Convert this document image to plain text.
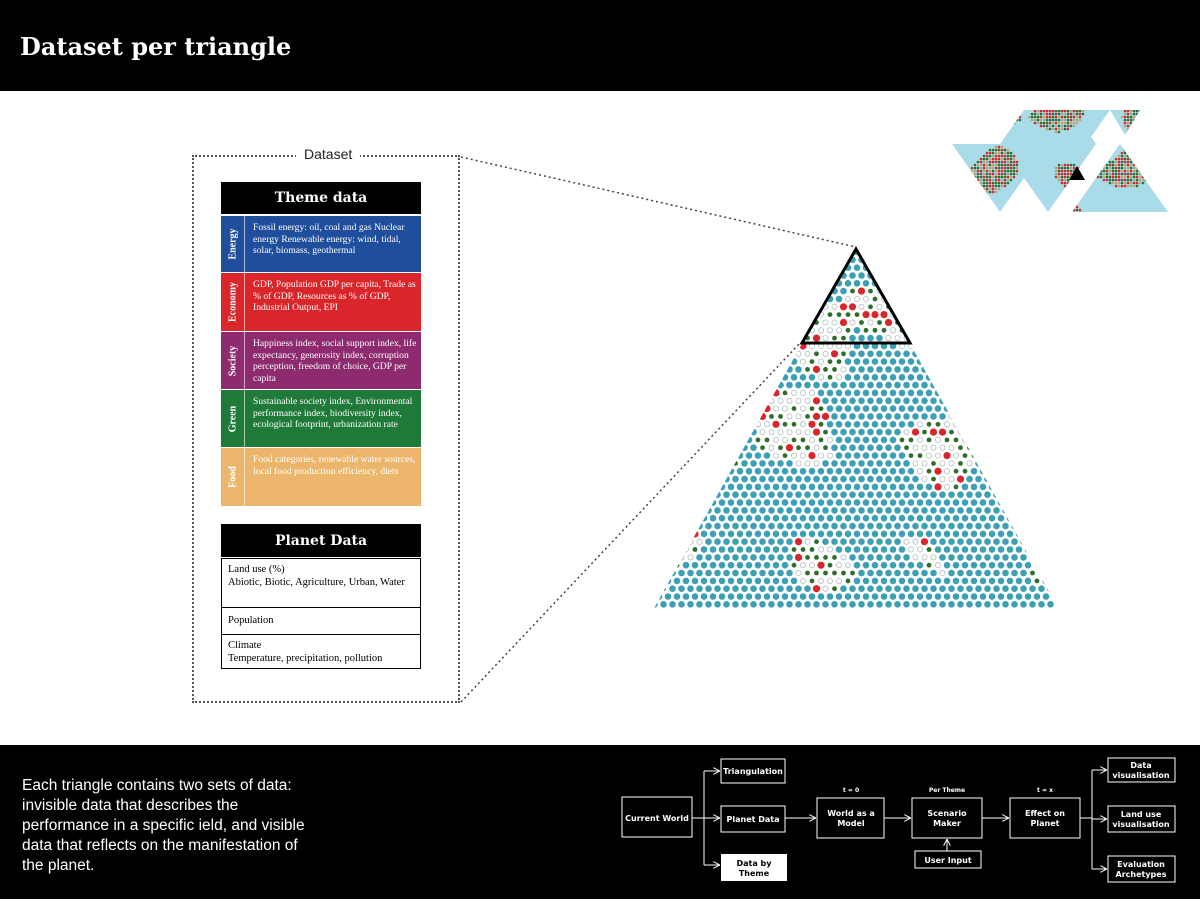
Dataset per triangle
Dataset
Theme data
Energy
Fossil energy: oil, coal and gas Nuclear energy Renewable energy: wind, tidal, solar, biomass, geothermal
Economy	GDP, Population GDP per capita, Trade as % of GDP, Resources as % of GDP, Industrial Output, EPI
Society
Happiness index, social support index, life expectancy, generosity index, corruption perception, freedom of choice, GDP per capita
Green
Sustainable society index, Environmental performance index, biodiversity index, ecological footprint, urbanization rate
Food
Food categories, renewable water sources, local food production efficiency, diets
Planet Data
Land use (%)
Abiotic, Biotic, Agriculture, Urban, Water
Population
Climate
Temperature, precipitation, pollution

Each triangle contains two sets of data: invisible data that describes the performance in a specific ield, and visible data that reflects on the manifestation of the planet.

Current World
Triangulation
Planet Data
Data by
Theme
t = 0
World as a
Model
Per Theme
Scenario
Maker
User Input
t = x
Effect on
Planet
Data
visualisation
Land use
visualisation
Evaluation
Archetypes
